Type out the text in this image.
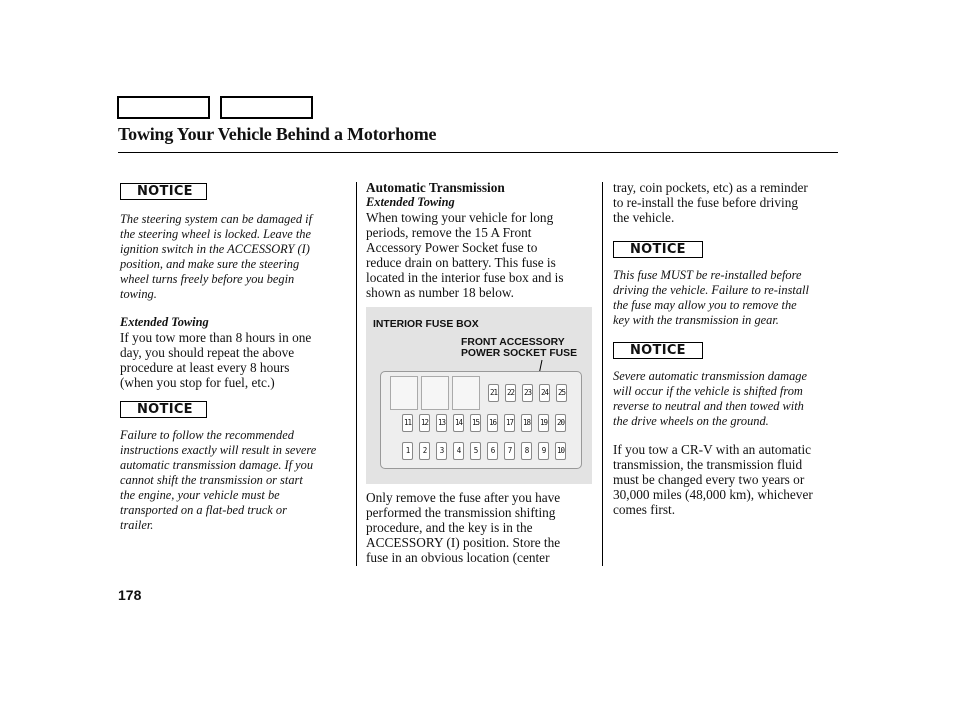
Towing Your Vehicle Behind a Motorhome
NOTICE

The steering system can be damaged if

the steering wheel is locked. Leave the

ignition switch in the ACCESSORY (I)

position, and make sure the steering

wheel turns freely before you begin

towing.

Extended Towing

If you tow more than 8 hours in one

day, you should repeat the above

procedure at least every 8 hours

(when you stop for fuel, etc.)

NOTICE

Failure to follow the recommended

instructions exactly will result in severe

automatic transmission damage. If you

cannot shift the transmission or start

the engine, your vehicle must be

transported on a flat-bed truck or

trailer.

Automatic Transmission

Extended Towing

When towing your vehicle for long

periods, remove the 15 A Front

Accessory Power Socket fuse to

reduce drain on battery. This fuse is

located in the interior fuse box and is

shown as number 18 below.

INTERIOR FUSE BOX
FRONT ACCESSORY
POWER SOCKET FUSE
21 22 23 24 25
11 12 13 14 15 16 17 18 19 20
1	2	3	4	5	6	7	8	9	10

Only remove the fuse after you have

performed the transmission shifting

procedure, and the key is in the

ACCESSORY (I) position. Store the

fuse in an obvious location (center

tray, coin pockets, etc) as a reminder

to re-install the fuse before driving

the vehicle.

NOTICE

This fuse MUST be re-installed before

driving the vehicle. Failure to re-install

the fuse may allow you to remove the

key with the transmission in gear.

NOTICE

Severe automatic transmission damage

will occur if the vehicle is shifted from

reverse to neutral and then towed with

the drive wheels on the ground.

If you tow a CR-V with an automatic

transmission, the transmission fluid

must be changed every two years or

30,000 miles (48,000 km), whichever

comes first.

178
